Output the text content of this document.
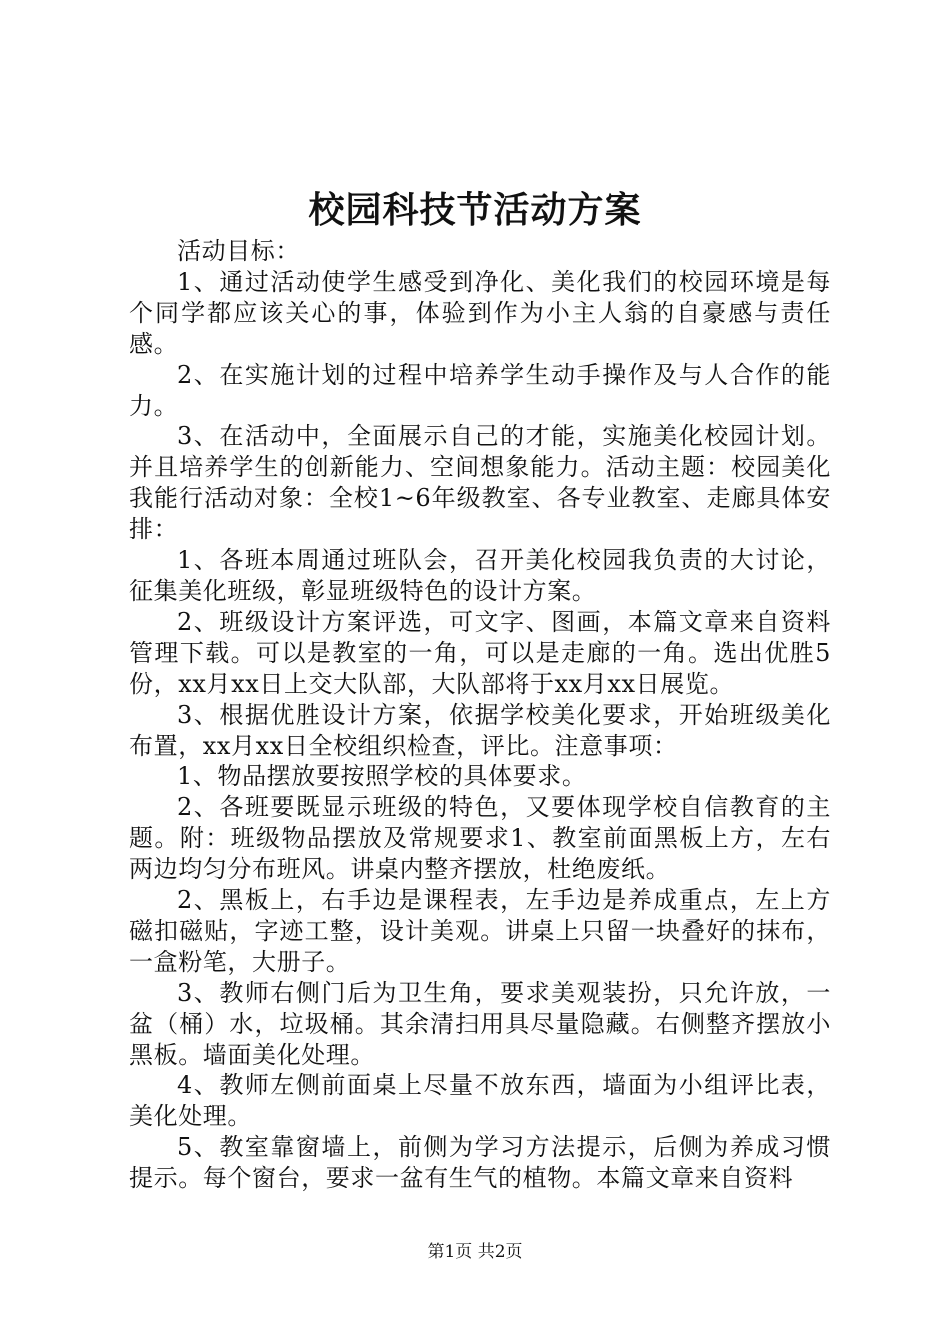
校园科技节活动方案

活动目标：

1、通过活动使学生感受到净化、美化我们的校园环境是每个同学都应该关心的事，体验到作为小主人翁的自豪感与责任感。

2、在实施计划的过程中培养学生动手操作及与人合作的能力。

3、在活动中，全面展示自己的才能，实施美化校园计划。并且培养学生的创新能力、空间想象能力。活动主题：校园美化我能行活动对象：全校1~6年级教室、各专业教室、走廊具体安排：

1、各班本周通过班队会，召开美化校园我负责的大讨论，征集美化班级，彰显班级特色的设计方案。

2、班级设计方案评选，可文字、图画，本篇文章来自资料管理下载。可以是教室的一角，可以是走廊的一角。选出优胜5份，xx月xx日上交大队部，大队部将于xx月xx日展览。

3、根据优胜设计方案，依据学校美化要求，开始班级美化布置，xx月xx日全校组织检查，评比。注意事项：

1、物品摆放要按照学校的具体要求。

2、各班要既显示班级的特色，又要体现学校自信教育的主题。附：班级物品摆放及常规要求1、教室前面黑板上方，左右两边均匀分布班风。讲桌内整齐摆放，杜绝废纸。

2、黑板上，右手边是课程表，左手边是养成重点，左上方磁扣磁贴，字迹工整，设计美观。讲桌上只留一块叠好的抹布，一盒粉笔，大册子。

3、教师右侧门后为卫生角，要求美观装扮，只允许放，一盆（桶）水，垃圾桶。其余清扫用具尽量隐藏。右侧整齐摆放小黑板。墙面美化处理。

4、教师左侧前面桌上尽量不放东西，墙面为小组评比表，美化处理。

5、教室靠窗墙上，前侧为学习方法提示，后侧为养成习惯提示。每个窗台，要求一盆有生气的植物。本篇文章来自资料

第1页 共2页
